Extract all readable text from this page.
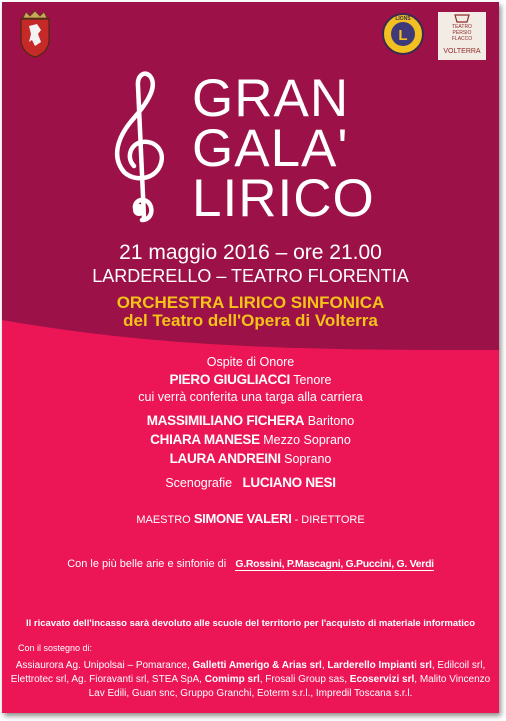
L
LIONS
TEATRO
PERSIO
FLACCO
VOLTERRA
GRAN
GALA'
LIRICO
21 maggio 2016 – ore 21.00
LARDERELLO – TEATRO FLORENTIA
ORCHESTRA LIRICO SINFONICA
del Teatro dell'Opera di Volterra
Ospite di Onore
PIERO GIUGLIACCI Tenore
cui verrà conferita una targa alla carriera
MASSIMILIANO FICHERA Baritono
CHIARA MANESE Mezzo Soprano
LAURA ANDREINI Soprano
Scenografie LUCIANO NESI
MAESTRO SIMONE VALERI - DIRETTORE
Con le più belle arie e sinfonie di G.Rossini, P.Mascagni, G.Puccini, G. Verdi
Il ricavato dell'incasso sarà devoluto alle scuole del territorio per l'acquisto di materiale informatico
Con il sostegno di:
Assiaurora Ag. Unipolsai – Pomarance, Galletti Amerigo & Arias srl, Larderello Impianti srl, Edilcoil srl,
Elettrotec srl, Ag. Fioravanti srl, STEA SpA, Comimp srl, Frosali Group sas, Ecoservizi srl, Malito Vincenzo
Lav Edili, Guan snc, Gruppo Granchi, Eoterm s.r.l., Impredil Toscana s.r.l.
